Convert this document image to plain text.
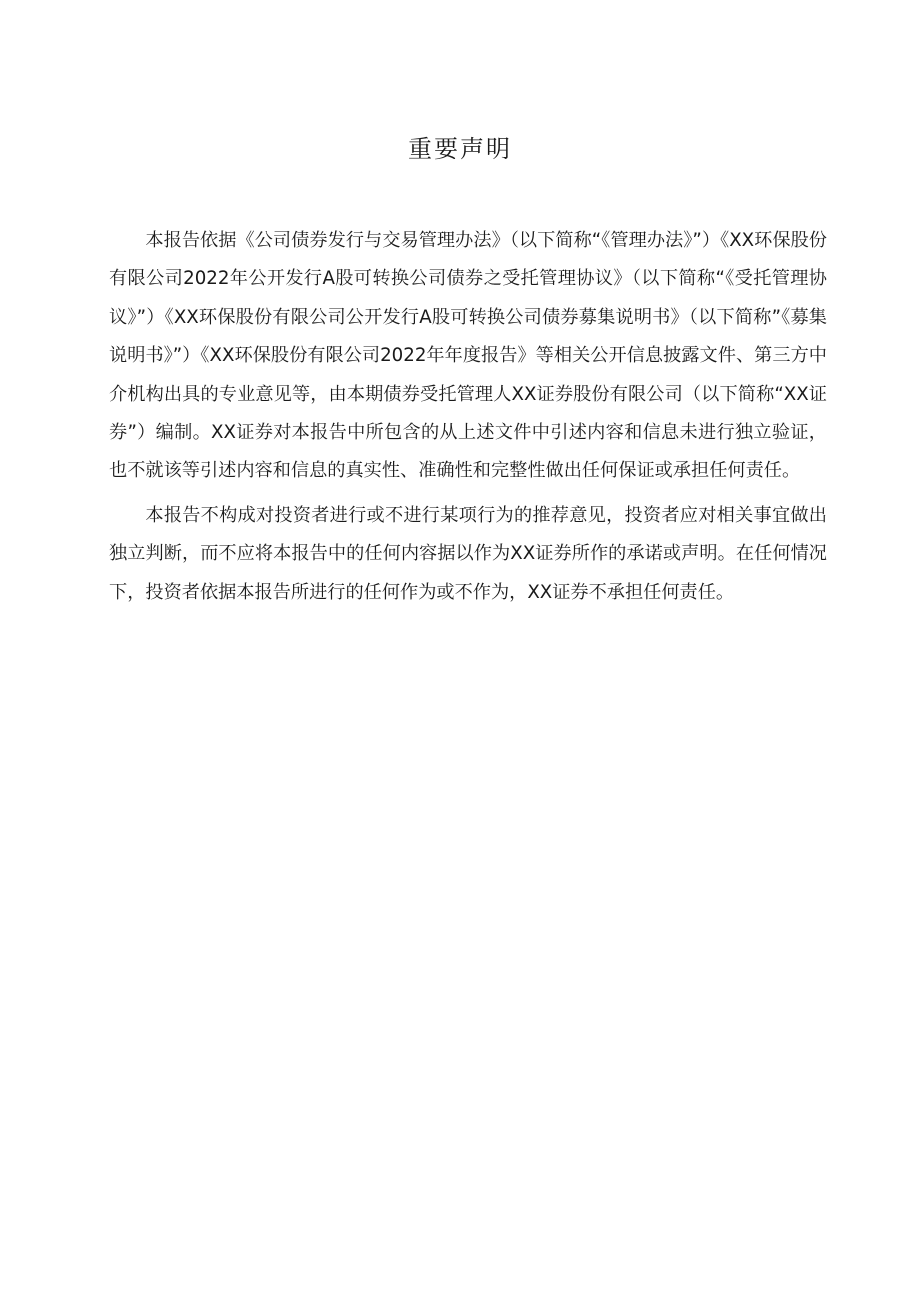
重要声明

本报告依据《公司债券发行与交易管理办法》（以下简称“《管理办法》”）《XX环保股份有限公司2022年公开发行A股可转换公司债券之受托管理协议》（以下简称“《受托管理协议》”）《XX环保股份有限公司公开发行A股可转换公司债券募集说明书》（以下简称”《募集说明书》”）《XX环保股份有限公司2022年年度报告》等相关公开信息披露文件、第三方中介机构出具的专业意见等，由本期债券受托管理人XX证券股份有限公司（以下简称“XX证券”）编制。XX证券对本报告中所包含的从上述文件中引述内容和信息未进行独立验证，也不就该等引述内容和信息的真实性、准确性和完整性做出任何保证或承担任何责任。

本报告不构成对投资者进行或不进行某项行为的推荐意见，投资者应对相关事宜做出独立判断，而不应将本报告中的任何内容据以作为XX证券所作的承诺或声明。在任何情况下，投资者依据本报告所进行的任何作为或不作为，XX证券不承担任何责任。
